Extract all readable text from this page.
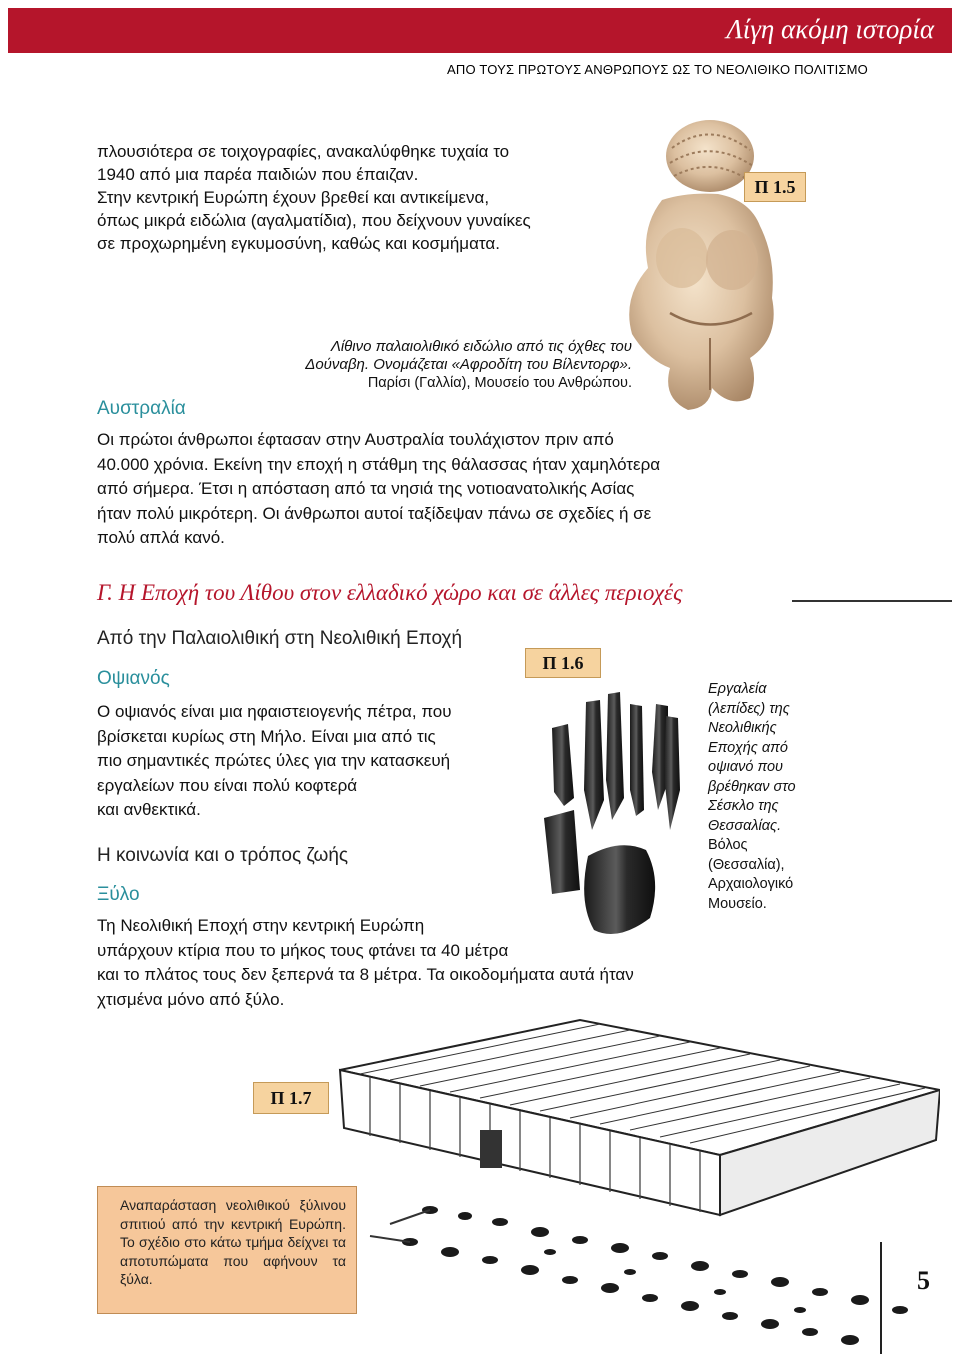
Λίγη ακόμη ιστορία
ΑΠΟ ΤΟΥΣ ΠΡΩΤΟΥΣ ΑΝΘΡΩΠΟΥΣ ΩΣ ΤΟ ΝΕΟΛΙΘΙΚΟ ΠΟΛΙΤΙΣΜΟ
πλουσιότερα σε τοιχογραφίες, ανακαλύφθηκε τυχαία το
1940 από μια παρέα παιδιών που έπαιζαν.
Στην κεντρική Ευρώπη έχουν βρεθεί και αντικείμενα,
όπως μικρά ειδώλια (αγαλματίδια), που δείχνουν γυναίκες
σε προχωρημένη εγκυμοσύνη, καθώς και κοσμήματα.
Π 1.5
Λίθινο παλαιολιθικό ειδώλιο από τις όχθες του
Δούναβη. Ονομάζεται «Αφροδίτη του Βίλεντορφ».
Παρίσι (Γαλλία), Μουσείο του Ανθρώπου.
Αυστραλία
Οι πρώτοι άνθρωποι έφτασαν στην Αυστραλία τουλάχιστον πριν από
40.000 χρόνια. Εκείνη την εποχή η στάθμη της θάλασσας ήταν χαμηλότερα
από σήμερα. Έτσι η απόσταση από τα νησιά της νοτιοανατολικής Ασίας
ήταν πολύ μικρότερη. Οι άνθρωποι αυτοί ταξίδεψαν πάνω σε σχεδίες ή σε
πολύ απλά κανό.
Γ. Η Εποχή του Λίθου στον ελλαδικό χώρο και σε άλλες περιοχές
Από την Παλαιολιθική στη Νεολιθική Εποχή
Οψιανός
Ο οψιανός είναι μια ηφαιστειογενής πέτρα, που
βρίσκεται κυρίως στη Μήλο. Είναι μια από τις
πιο σημαντικές πρώτες ύλες για την κατασκευή
εργαλείων που είναι πολύ κοφτερά
και ανθεκτικά.
Π 1.6
Εργαλεία
(λεπίδες) της
Νεολιθικής
Εποχής από
οψιανό που
βρέθηκαν στο
Σέσκλο της
Θεσσαλίας.
Βόλος
(Θεσσαλία),
Αρχαιολογικό
Μουσείο.
Η κοινωνία και ο τρόπος ζωής
Ξύλο
Τη Νεολιθική Εποχή στην κεντρική Ευρώπη
υπάρχουν κτίρια που το μήκος τους φτάνει τα 40 μέτρα
και το πλάτος τους δεν ξεπερνά τα 8 μέτρα. Τα οικοδομήματα αυτά ήταν
χτισμένα μόνο από ξύλο.
Π 1.7

Αναπαράσταση νεολιθικού ξύλινου σπιτιού από την κεντρική Ευρώπη. Το σχέδιο στο κάτω τμήμα δείχνει τα αποτυπώματα που αφήνουν τα ξύλα.	5
